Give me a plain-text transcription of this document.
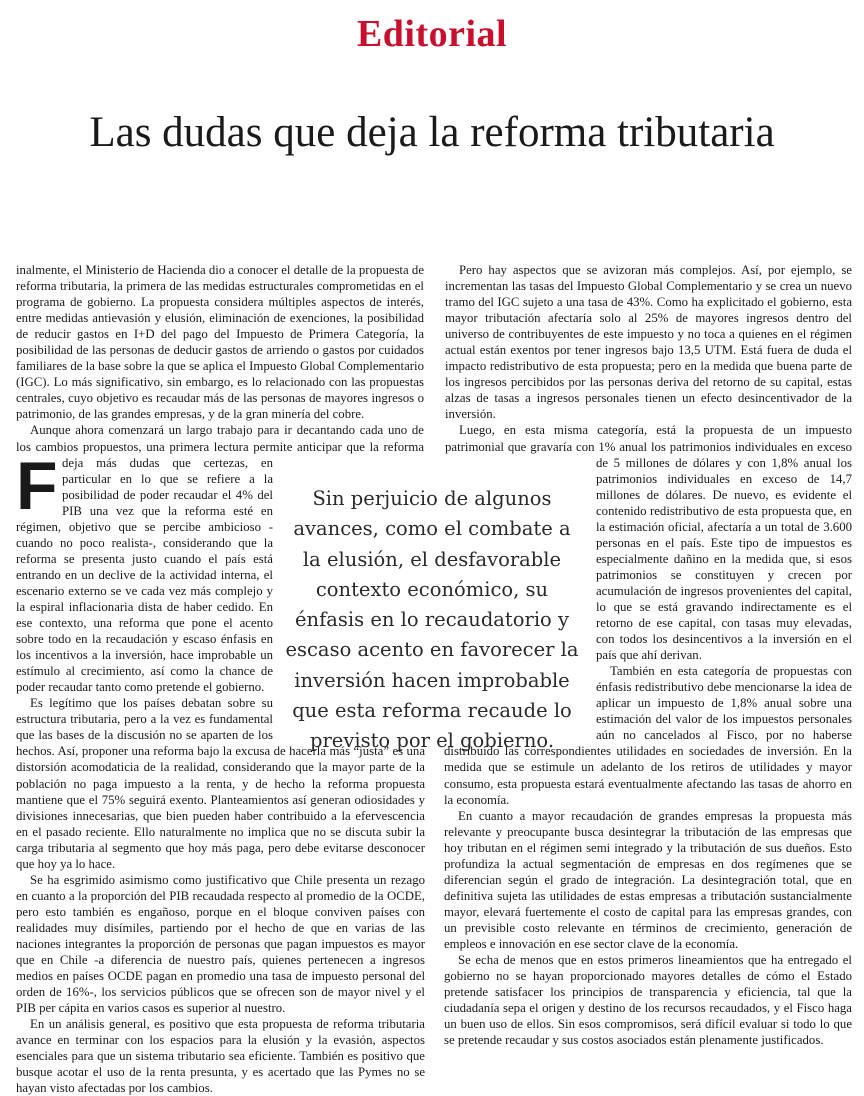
Editorial
Las dudas que deja la reforma tributaria

F
inalmente, el Ministerio de Hacienda dio a conocer el detalle de la propuesta de reforma tributaria, la primera de las medidas estructurales comprometidas en el programa de gobierno. La propuesta considera múltiples aspectos de interés, entre medidas antievasión y elusión, eliminación de exenciones, la posibilidad de reducir gastos en I+D del pago del Impuesto de Primera Categoría, la posibilidad de las personas de deducir gastos de arriendo o gastos por cuidados familiares de la base sobre la que se aplica el Impuesto Global Complementario (IGC). Lo más significativo, sin embargo, es lo relacionado con las propuestas centrales, cuyo objetivo es recaudar más de las personas de mayores ingresos o patrimonio, de las grandes empresas, y de la gran minería del cobre.

Aunque ahora comenzará un largo trabajo para ir decantando cada uno de los cambios propuestos, una primera lectura permite anticipar que la reforma deja más dudas que certezas, en particular en lo que se refiere a la posibilidad de poder recaudar el 4% del PIB una vez que la reforma esté en régimen, objetivo que se percibe ambicioso -cuando no poco realista-, considerando que la reforma se presenta justo cuando el país está entrando en un declive de la actividad interna, el escenario externo se ve cada vez más complejo y la espiral inflacionaria dista de haber cedido. En ese contexto, una reforma que pone el acento sobre todo en la recaudación y escaso énfasis en los incentivos a la inversión, hace improbable un estímulo al crecimiento, así como la chance de poder recaudar tanto como pretende el gobierno.

Es legítimo que los países debatan sobre su estructura tributaria, pero a la vez es fundamental que las bases de la discusión no se aparten de los hechos. Así, proponer una reforma bajo la excusa de hacerla más “justa” es una distorsión acomodaticia de la realidad, considerando que la mayor parte de la población no paga impuesto a la renta, y de hecho la reforma propuesta mantiene que el 75% seguirá exento. Planteamientos así generan odiosidades y divisiones innecesarias, que bien pueden haber contribuido a la efervescencia en el pasado reciente. Ello naturalmente no implica que no se discuta subir la carga tributaria al segmento que hoy más paga, pero debe evitarse desconocer que hoy ya lo hace.

Se ha esgrimido asimismo como justificativo que Chile presenta un rezago en cuanto a la proporción del PIB recaudada respecto al promedio de la OCDE, pero esto también es engañoso, porque en el bloque conviven países con realidades muy disímiles, partiendo por el hecho de que en varias de las naciones integrantes la proporción de personas que pagan impuestos es mayor que en Chile -a diferencia de nuestro país, quienes pertenecen a ingresos medios en países OCDE pagan en promedio una tasa de impuesto personal del orden de 16%-, los servicios públicos que se ofrecen son de mayor nivel y el PIB per cápita en varios casos es superior al nuestro.

En un análisis general, es positivo que esta propuesta de reforma tributaria avance en terminar con los espacios para la elusión y la evasión, aspectos esenciales para que un sistema tributario sea eficiente. También es positivo que busque acotar el uso de la renta presunta, y es acertado que las Pymes no se hayan visto afectadas por los cambios.

Pero hay aspectos que se avizoran más complejos. Así, por ejemplo, se incrementan las tasas del Impuesto Global Complementario y se crea un nuevo tramo del IGC sujeto a una tasa de 43%. Como ha explicitado el gobierno, esta mayor tributación afectaría solo al 25% de mayores ingresos dentro del universo de contribuyentes de este impuesto y no toca a quienes en el régimen actual están exentos por tener ingresos bajo 13,5 UTM. Está fuera de duda el impacto redistributivo de esta propuesta; pero en la medida que buena parte de los ingresos percibidos por las personas deriva del retorno de su capital, estas alzas de tasas a ingresos personales tienen un efecto desincentivador de la inversión.

Luego, en esta misma categoría, está la propuesta de un impuesto patrimonial que gravaría con 1% anual los patrimonios individuales en exceso de 5 millones de dólares y con 1,8% anual los patrimonios individuales en exceso de 14,7 millones de dólares. De nuevo, es evidente el contenido redistributivo de esta propuesta que, en la estimación oficial, afectaría a un total de 3.600 personas en el país. Este tipo de impuestos es especialmente dañino en la medida que, si esos patrimonios se constituyen y crecen por acumulación de ingresos provenientes del capital, lo que se está gravando indirectamente es el retorno de ese capital, con tasas muy elevadas, con todos los desincentivos a la inversión en el país que ahí derivan.

También en esta categoría de propuestas con énfasis redistributivo debe mencionarse la idea de aplicar un impuesto de 1,8% anual sobre una estimación del valor de los impuestos personales aún no cancelados al Fisco, por no haberse distribuido las correspondientes utilidades en sociedades de inversión. En la medida que se estimule un adelanto de los retiros de utilidades y mayor consumo, esta propuesta estará eventualmente afectando las tasas de ahorro en la economía.

En cuanto a mayor recaudación de grandes empresas la propuesta más relevante y preocupante busca desintegrar la tributación de las empresas que hoy tributan en el régimen semi integrado y la tributación de sus dueños. Esto profundiza la actual segmentación de empresas en dos regímenes que se diferencian según el grado de integración. La desintegración total, que en definitiva sujeta las utilidades de estas empresas a tributación sustancialmente mayor, elevará fuertemente el costo de capital para las empresas grandes, con un previsible costo relevante en términos de crecimiento, generación de empleos e innovación en ese sector clave de la economía.

Se echa de menos que en estos primeros lineamientos que ha entregado el gobierno no se hayan proporcionado mayores detalles de cómo el Estado pretende satisfacer los principios de transparencia y eficiencia, tal que la ciudadanía sepa el origen y destino de los recursos recaudados, y el Fisco haga un buen uso de ellos. Sin esos compromisos, será difícil evaluar si todo lo que se pretende recaudar y sus costos asociados están plenamente justificados.

Sin perjuicio de algunos avances, como el combate a la elusión, el desfavorable contexto económico, su énfasis en lo recaudatorio y escaso acento en favorecer la inversión hacen improbable que esta reforma recaude lo previsto por el gobierno.
